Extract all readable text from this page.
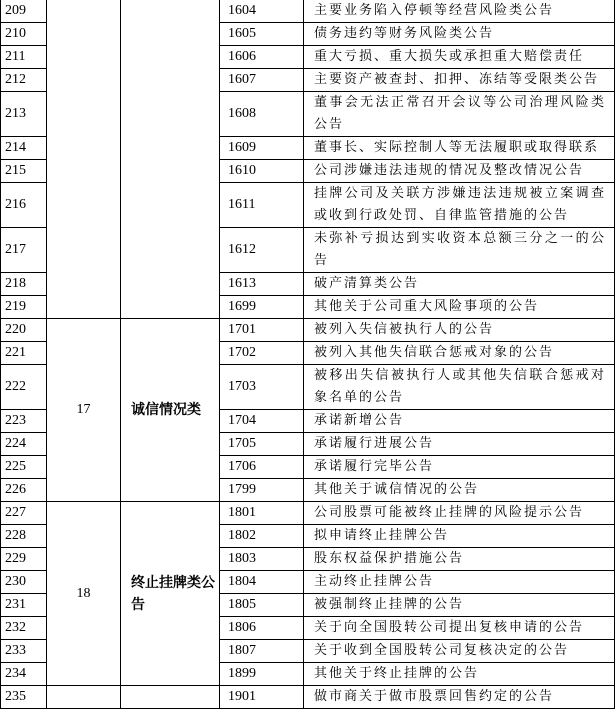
209			1604	主要业务陷入停顿等经营风险类公告
210			1605	债务违约等财务风险类公告
211			1606	重大亏损、重大损失或承担重大赔偿责任
212			1607	主要资产被查封、扣押、冻结等受限类公告
213			1608	董事会无法正常召开会议等公司治理风险类公告
214			1609	董事长、实际控制人等无法履职或取得联系
215			1610	公司涉嫌违法违规的情况及整改情况公告
216			1611	挂牌公司及关联方涉嫌违法违规被立案调查或收到行政处罚、自律监管措施的公告
217			1612	未弥补亏损达到实收资本总额三分之一的公告
218			1613	破产清算类公告
219			1699	其他关于公司重大风险事项的公告
220	17	诚信情况类	1701	被列入失信被执行人的公告
221			1702	被列入其他失信联合惩戒对象的公告
222			1703	被移出失信被执行人或其他失信联合惩戒对象名单的公告
223			1704	承诺新增公告
224			1705	承诺履行进展公告
225			1706	承诺履行完毕公告
226			1799	其他关于诚信情况的公告
227	18	终止挂牌类公告	1801	公司股票可能被终止挂牌的风险提示公告
228			1802	拟申请终止挂牌公告
229			1803	股东权益保护措施公告
230			1804	主动终止挂牌公告
231			1805	被强制终止挂牌的公告
232			1806	关于向全国股转公司提出复核申请的公告
233			1807	关于收到全国股转公司复核决定的公告
234			1899	其他关于终止挂牌的公告
235			1901	做市商关于做市股票回售约定的公告
